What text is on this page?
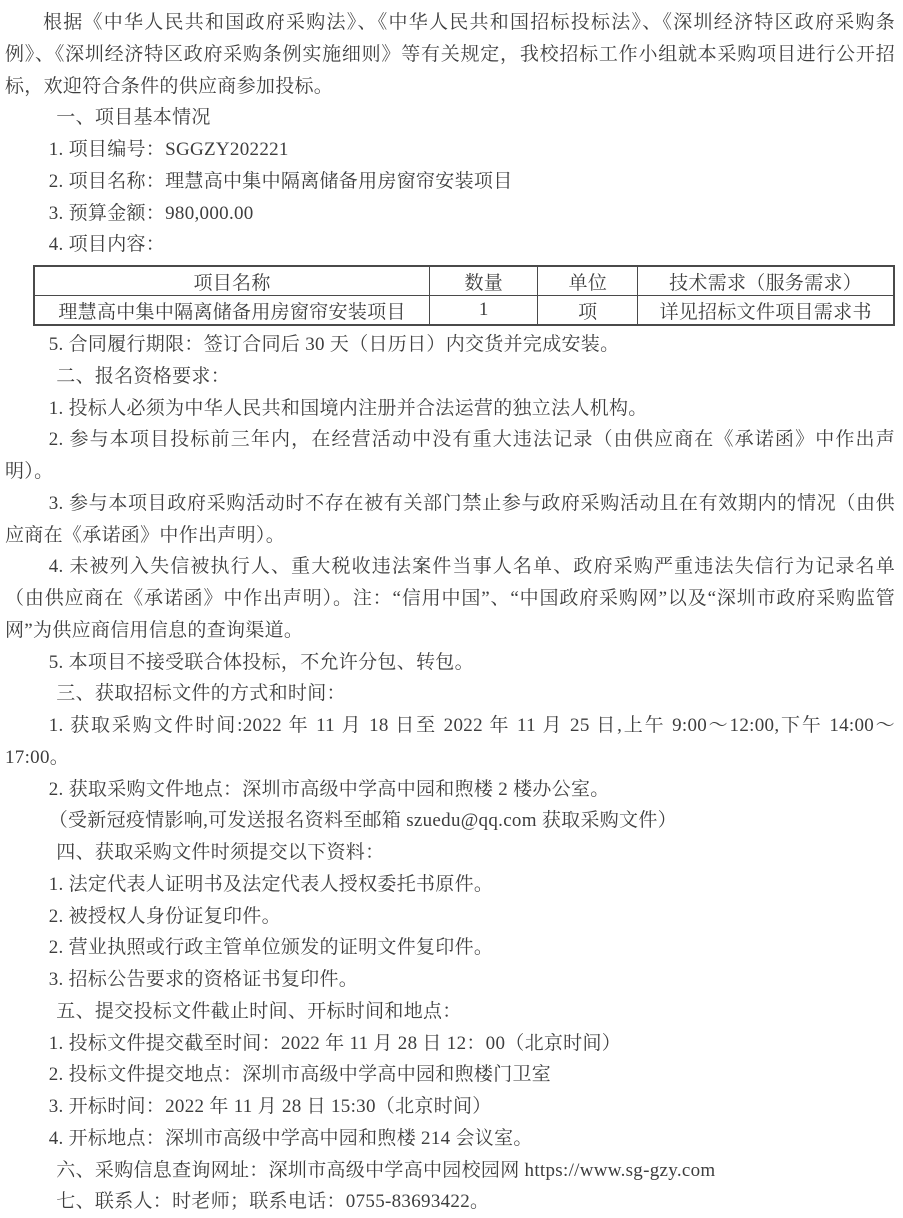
根据《中华人民共和国政府采购法》、《中华人民共和国招标投标法》、《深圳经济特区政府采购条例》、《深圳经济特区政府采购条例实施细则》等有关规定，我校招标工作小组就本采购项目进行公开招标，欢迎符合条件的供应商参加投标。

一、项目基本情况

1. 项目编号：SGGZY202221

2. 项目名称：理慧高中集中隔离储备用房窗帘安装项目

3. 预算金额：980,000.00

4. 项目内容：

项目名称	数量	单位	技术需求（服务需求）
理慧高中集中隔离储备用房窗帘安装项目	1	项	详见招标文件项目需求书

5. 合同履行期限：签订合同后 30 天（日历日）内交货并完成安装。

二、报名资格要求：

1. 投标人必须为中华人民共和国境内注册并合法运营的独立法人机构。

2. 参与本项目投标前三年内，在经营活动中没有重大违法记录（由供应商在《承诺函》中作出声明）。

3. 参与本项目政府采购活动时不存在被有关部门禁止参与政府采购活动且在有效期内的情况（由供应商在《承诺函》中作出声明）。

4. 未被列入失信被执行人、重大税收违法案件当事人名单、政府采购严重违法失信行为记录名单（由供应商在《承诺函》中作出声明）。注：“信用中国”、“中国政府采购网”以及“深圳市政府采购监管网”为供应商信用信息的查询渠道。

5. 本项目不接受联合体投标，不允许分包、转包。

三、获取招标文件的方式和时间：

1. 获取采购文件时间:2022 年 11 月 18 日至 2022 年 11 月 25 日,上午 9:00～12:00,下午 14:00～17:00。

2. 获取采购文件地点：深圳市高级中学高中园和煦楼 2 楼办公室。

（受新冠疫情影响,可发送报名资料至邮箱 szuedu@qq.com 获取采购文件）

四、获取采购文件时须提交以下资料：

1. 法定代表人证明书及法定代表人授权委托书原件。

2. 被授权人身份证复印件。

2. 营业执照或行政主管单位颁发的证明文件复印件。

3. 招标公告要求的资格证书复印件。

五、提交投标文件截止时间、开标时间和地点：

1. 投标文件提交截至时间：2022 年 11 月 28 日 12：00（北京时间）

2. 投标文件提交地点：深圳市高级中学高中园和煦楼门卫室

3. 开标时间：2022 年 11 月 28 日 15:30（北京时间）

4. 开标地点：深圳市高级中学高中园和煦楼 214 会议室。

六、采购信息查询网址：深圳市高级中学高中园校园网 https://www.sg-gzy.com

七、联系人：时老师；联系电话：0755-83693422。
